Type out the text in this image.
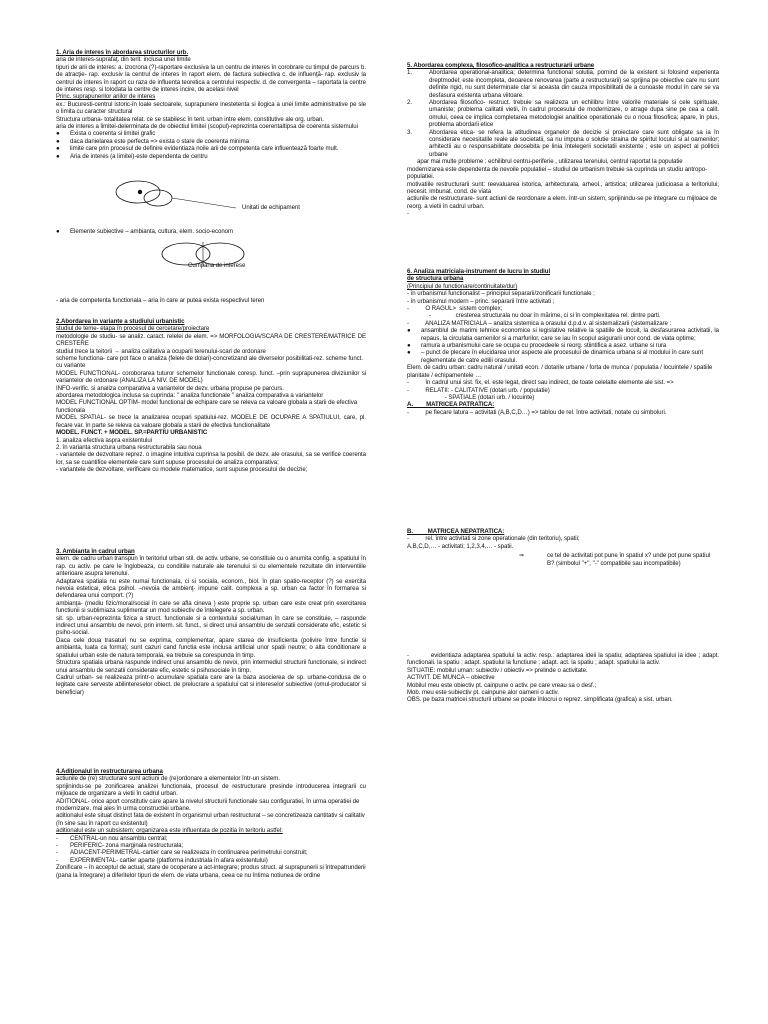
1. Aria de interes în abordarea structurilor urb.

aria de interes-suprafaţ. din terit. inclusa unei limite

tipuri de arii de interes: a. izocrona (?)-raportare exclusiva la un centru de interes în corobrare cu timpul de parcurs b. de atracţie- rap. exclusiv la centrul de interes în raport elem. de factura subiectiva c. de influenţă- rap. exclusiv la centrul de interes în raport cu raza de influenta teoretica a centrului respectiv. d. de convergenta – raportata la centre de interes resp. si tolodata la centre de interes incire, de acelasi nivel

Princ. suprapunerilor ariilor de interes

ex.: Bucuresti-centrul istoric-în loale sectoarele, suprapunere inestetenta si ilogica a unei limite administrative pe sle o limita cu caracter structural

Structura urbana- totalitatea relat. ce se stabilesc în terit. urban intre elem. constitutive ale org. urban.

aria de interes a limitei-delerminata de de obiectiul limitei (scopul)-reprezinta coerentaltipsa de coerenta sistemului

● Exista o coerenta si limitei grafic
● daca danielarea este perfecta => exista o stare de coerenta minima
● limite care prin procesul de definire evidentiaza noile arii de competenta care influentează foarte mult.
● Aria de interes (a limitei)-este dependenta de centru
Unitati de echipament
● Elemente subiective – ambianta, cultura, elem. socio-econom
Cumpana de interese

- aria de competenta functionala – aria în care ar putea exista respectivul teren

2.Abordarea în variante a studiului urbanistic

studiul de teme- etapa în procesul de cercetare/proiectare

metodologie de studiu- se analiz. caract. relelei de elem. => MORFOLOGIA/SCARA DE CRESTERE/MATRICE DE CRESTERE

studiul trece la teitorii → analiza calitativa a ocuparii terenului-scari de ordonare

scheme functiona- care pot face o analiza (felele de dolari)-concretizand ale diverselor posibilitati-rez. scheme funct. cu variante

MODEL FUNCTIONAL- coroborarea tuturor schemelor functionale coresp. funct. –prin suprapunerea diviziunilor si variantelor de ordonare (ANALIZA LA NIV. DE MODEL)

INFO-verific. si analiza comparativa a variantelor de dezv. urbana propuse pe parcurs.

abordarea metodologica inclusa sa cuprinda: " analiza functionale " analiza comparativa a variantelor

MODEL FUNCTIONAL OPTIM- model functional de echipare care se releva ca valoare globala a starii de efectiva functionala

MODEL SPATIAL- se trece la analizarea ocupari spatiului-rez. MODELE DE OCUPARE A SPATIULUI, care, pl. fecare var. în parte se releva ca valoare globala a starii de efectiva functionalitate

MODEL. FUNCT. + MODEL. SP.=PARTIU URBANISTIC

1. analiza efectiva aspra existentului

2. în varianta structura urbana restructurabila sau noua

- variantele de dezvoltare reprez. o imagine intuitiva cuprinsa la posibil. de dezv. ale orasului, sa se verifice coerenta lor, sa se cuantifice elementele care sunt supuse procesului de analiza comparativa;

- variantele de dezvoltare, verificare cu modele matematice, sunt supuse procesului de decizie;

3. Ambianta în cadrul urban

elem. de cadru urban transpun în teritoriul urban stil. de activ. urbane, se constituie cu o anumita config. a spatiului în rap. cu activ. pe care le înglobeaza, cu conditiile naturale ale terenului si cu elementele rezultate din interventiile anterioare asupra terenului.

Adaptarea spatiala nu este numai functionala, ci si sociala, econom., biol. în plan spatio-receptor (?) se exercita nevoia esteticai, etica psihol. –nevoia de ambienţ- impune calit. complexa a sp. urban ca factor în formarea si defendarea unui comport. (?)

ambianţa- (mediu fizic/moral/social în care se afla cineva ) este proprie sp. urban care este creat prin exercitarea functiunii si sublimiaza suplimentar un mod subiectiv de întelegere a sp. urban.

sit. sp. urban-reprezinta fizica a struct. functionale si a contextului social/uman în care se constituie, – raspunde indirect unui ansamblu de nevoi, prin interm. sit. funct., si direct unui ansamblu de senzatii considerate efic, estetic si psiho-social.

Daca cele doua trasaturi nu se exprima, complementar, apare starea de insuficienta (polivire între functie si ambianta, luata ca forma); sunt cazuri cand functia este inclusa artificial unor spatii neutre; o alta conditionare a spatiului urban este de natura temporala, ea trebuie sa corespunda în timp.

Structura spatiala urbana raspunde indirect unui ansamblu de nevoi, prin intermediul structurii functionale, si indirect unui ansamblu de senzatii considerate efic, estetic si psihosociale în timp.

Cadrul urban- se realizeaza printr-o acumulare spatiala care are la baza asocierea de sp. urbane-condusa de o legitate care serveste abilintereselor obiect. de prelucrare a spatiului cat si intereselor subiective (omul-producator si beneficiar)

4.Adiţionalul în restructurarea urbana

actiunile de (re) structurare sunt actiuni de (re)ordonare a elementelor într-un sistem.

sprijinindu-se pe zonificarea analizei functionala, procesul de restructurare presinde introducerea integrarii cu mijloace de organizare a vietii în cadrul urban.

ADITIONAL- orice aport constitutiv care apare la nivelul structurii functionale sau configuratiei, în urma operatiei de modernizare, mai ales în urma constructiei urbane.

aditionalul este situat distinct fata de existent în organismul urban restructurat – se concretizeaza cantitativ si calitativ (în sine sau în raport cu existentul)

aditionalul este un subsistem; organizarea este influentata de pozitia în teritoriu astfel:

- CENTRAL-un nou ansamblu central;
- PERIFERIC- zona marginala restructurala;
- ADIACENT-PERIMETRAL-cartier care se realizeaza în continuarea perimetrului construit;
- EXPERIMENTAL- cartier aparte (platforma industriala în afara existentului)

Zonificare – în acceptul de actual, stare de ocoperare a act-integrare; produs struct. al suprapunerii si întrepatrunderii (pana la întegrare) a diferitelor tipuri de elem. de viata urbana, ceea ce nu întima notiunea de ordine

5. Abordarea complexa, filosofico-analitica a restructurarii urbane

1.	Abordarea operational-analitica; determina functional solutia, pornind de la existent si folosind experienta dreptmodel; este incompleta, deoarece renovarea (parte a restructurarii) se sprijina pe obiective care nu sunt definite rigid, nu sunt determinate clar si aceasta din cauza imposibilitatii de a cunoaste modul în care se va desfasura existenta urbana viitoare.
2.	Abordarea filosofico- restruct. trebuie sa realizeza un echilibru între valorile materiale si cele spirituale, umaniste; problema calitatii vietii, în cadrul procesului de modernizare, o atrage dupa sine pe cea a calit. omului, ceea ce implica completarea metodologiei analitice operationale cu o noua filosofica; apare, în plus, problema abordarii etice
3.	Abordarea etica- se refera la atitudinea organelor de decizie si proiectare care sunt obligate sa ia în considerare necesitatile reale ale societatii, sa nu impuna o solutie straina de spiritul locului si al oamenilor; arhitectii au o responsabilitate deosebita pe linia întelegerii societatii existente ; este un aspect al politicii urbane

apar mai multe probleme : echilibrul centru-periferie , utilizarea terenului, centrul raportat la populatie

modernizarea este dependenta de nevoile populatiei – studiul de urbanism trebuie sa cuprinda un studiu antropo-populatiei.

motivatiile restructurarii sunt: reevaluarea istorica, arhitecturala, arheol., artistica; utilizarea judicioasa a teritoriului; necesit. imbunat. cond. de viata

actiunile de restructurare- sunt actiuni de reordonare a elem. într-un sistem, sprijinindu-se pe integrare cu mijloace de reorg. a vietii în cadrul urban.

-

6. Analiza matriciala-instrument de lucru în studiul

de structura urbana

(Principiul de functionare/continuitate/dur)

- în urbanismul functionalist – principiul separarii/zonificarii functionale ;

- în urbanismul modern – princ. separarii între activitati ;

-          O RAGUL>  sistem complex;

-               cresterea structurala nu doar în mărime, ci si în complexitatea rel. dintre parti.

-          ANALIZA MATRICIALA – analiza sistemica a orasului d.p.d.v. al sistemalizarii (sistemalizare :

● ansamblul de marimi tehnice economice si legislative relative la spatiile de locuit, la desfasurarea activitatii, la repaus, la circulatia oamenilor si a marfurilor, care se iau în scopul asigurarii unor cond. de viata optime;
● ramura a urbanismului care se ocupa cu procedeele si reorg. stiintifica a asez. urbane si rura
● – punct de plecare în elucidarea unor aspecte ale procesului de dinamica urbana si al modului în care sunt reglementate de catre edilii orasului.

Elem. de cadru urban: cadru natural / unitati econ. / dotarile urbane / forta de munca / populatia / locuintele / spatiile planitate / echipamentele …

-          în cadrul unui sist. fix, el. este legat, direct sau indirect, de toate celelalte elemente ale sist. =>

-          RELATII: - CALITATIVE (dotari urb. / populatie)

- SPATIALE (dotari urb. / locuinte)

A.        MATRICEA PATRATICA:

-          pe fiecare latura – activitati (A,B,C,D…) => tablou de rel. între activitati, notate cu simboluri.

B.         MATRICEA NEPATRATICA:

-          rel. între activitati si zone operationale (din teritoriu), spatii;

A,B,C,D,… - activitati; 1,2,3,4,… - spatii.

⇒	ce tel de activitati pot pune în spatiul x? unde pot pune spatiul B? (simbolul "+", "-" compatibile sau incompatibile)

-          evidentiaza adaptarea spatiului la activ. resp.: adaptarea ideii la spatiu; adaptarea spatiului la idee ; adapt. functionali. la spatiu ; adapt. spatiului la functiune ; adapt. act. la spatiu ; adapt. spatiului la activ.

SITUATIE: mobilul uman: subiectiv / obiectiv => prelinde o activitate.

ACTIVIT. DE MUNCA – obiective

Mobilul meu este obiectiv pt. cainpune o activ. pe care vreau sa o desf.;

Mob. meu este subiectiv pt. cainpune alor oameni o activ.

OBS. pe baza matricei structurii urbane se poate înlocrui o reprez. simplificata (grafica) a sist. urban.
